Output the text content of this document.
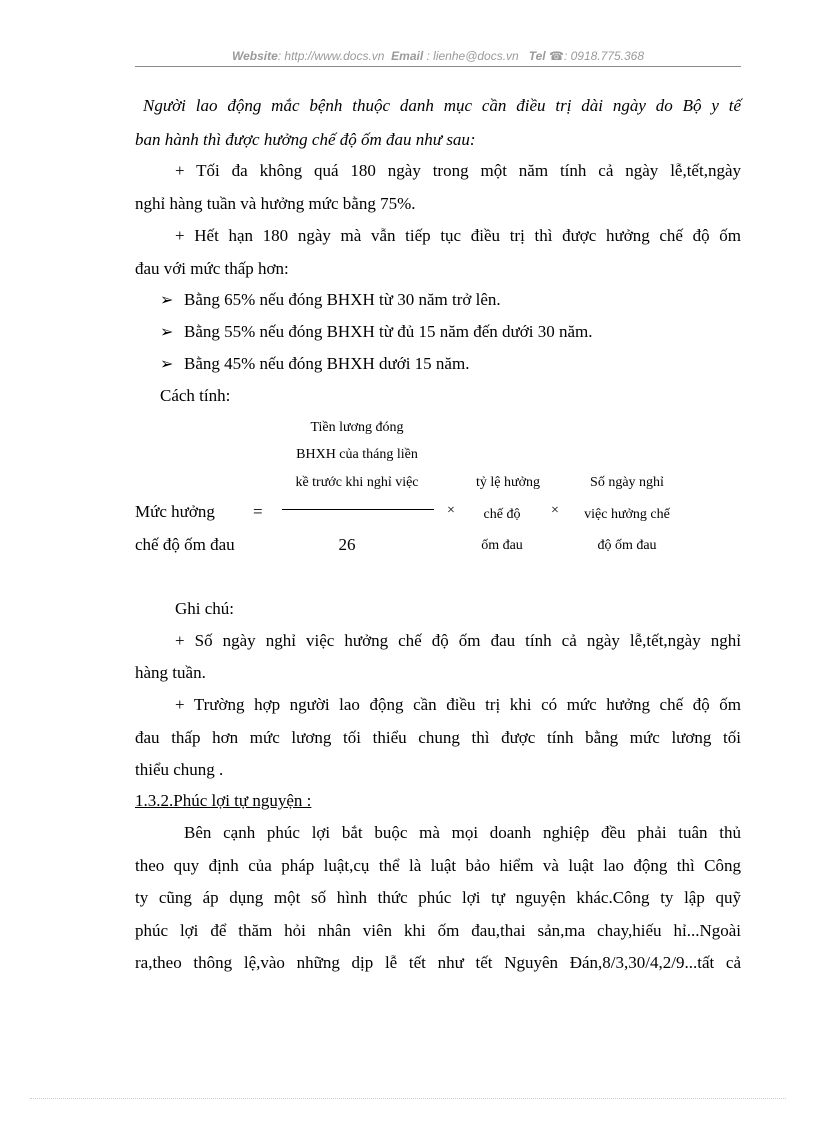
Website: http://www.docs.vn Email : lienhe@docs.vn Tel ☎: 0918.775.368
Người lao động mắc bệnh thuộc danh mục cần điều trị dài ngày do Bộ y tế
ban hành thì được hưởng chế độ ốm đau như sau:
+ Tối đa không quá 180 ngày trong một năm tính cả ngày lễ,tết,ngày
nghỉ hàng tuần và hưởng mức bằng 75%.
+ Hết hạn 180 ngày mà vẫn tiếp tục điều trị thì được hưởng chế độ ốm
đau với mức thấp hơn:
➢ Bằng 65% nếu đóng BHXH từ 30 năm trở lên.
➢ Bằng 55% nếu đóng BHXH từ đủ 15 năm đến dưới 30 năm.
➢ Bằng 45% nếu đóng BHXH dưới 15 năm.
Cách tính:
Tiền lương đóng
BHXH của tháng liền
kề trước khi nghỉ việc
26
Mức hưởng
chế độ ốm đau
=	×
tỷ lệ hưởng
chế độ
ốm đau
×
Số ngày nghỉ
việc hưởng chế
độ ốm đau
Ghi chú:
+ Số ngày nghỉ việc hưởng chế độ ốm đau tính cả ngày lễ,tết,ngày nghỉ
hàng tuần.
+ Trường hợp người lao động cần điều trị khi có mức hưởng chế độ ốm
đau thấp hơn mức lương tối thiểu chung thì được tính bằng mức lương tối
thiểu chung .
1.3.2.Phúc lợi tự nguyện :
Bên cạnh phúc lợi bắt buộc mà mọi doanh nghiệp đều phải tuân thủ
theo quy định của pháp luật,cụ thể là luật bảo hiểm và luật lao động thì Công
ty cũng áp dụng một số hình thức phúc lợi tự nguyện khác.Công ty lập quỹ
phúc lợi để thăm hỏi nhân viên khi ốm đau,thai sản,ma chay,hiếu hỉ...Ngoài
ra,theo thông lệ,vào những dịp lễ tết như tết Nguyên Đán,8/3,30/4,2/9...tất cả
